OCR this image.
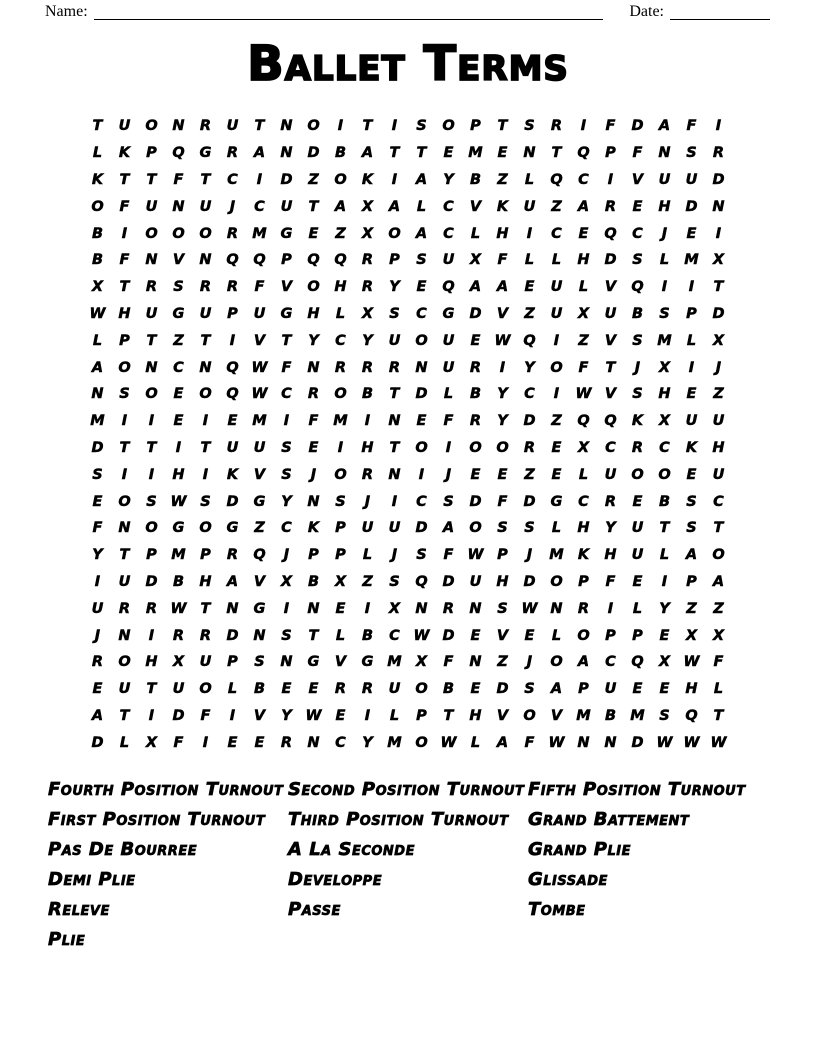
Name:	Date:
Ballet Terms
T	U	O	N	R	U	T	N	O	I	T	I	S	O	P	T	S	R	I	F	D	A	F	I
L	K	P	Q	G	R	A	N	D	B	A	T	T	E	M	E	N	T	Q	P	F	N	S	R
K	T	T	F	T	C	I	D	Z	O	K	I	A	Y	B	Z	L	Q	C	I	V	U	U	D
O	F	U	N	U	J	C	U	T	A	X	A	L	C	V	K	U	Z	A	R	E	H	D	N
B	I	O	O	O	R M G	E	Z	X	O	A	C	L	H	I	C	E	Q	C	J	E	I
B	F	N	V	N	Q	Q	P	Q	Q	R	P	S	U	X	F	L	L	H	D	S	L	M X
X	T	R	S	R	R	F	V	O	H	R	Y	E	Q	A	A	E	U	L	V	Q	I	I	T
W H	U	G	U	P	U	G	H	L	X	S	C	G	D	V	Z	U	X	U	B	S	P	D
L	P	T	Z	T	I	V	T	Y	C	Y	U	O	U	E W Q	I	Z	V	S	M	L	X
A	O	N	C	N	Q W F	N	R	R	R	N	U	R	I	Y	O	F	T	J	X	I	J
N	S	O	E	O	Q W C	R	O	B	T	D	L	B	Y	C	I	W V	S	H	E	Z
M	I	I	E	I	E	M	I	F	M	I	N	E	F	R	Y	D	Z	Q	Q	K	X	U	U
D	T	T	I	T	U	U	S	E	I	H	T	O	I	O	O	R	E	X	C	R	C	K	H
S	I	I	H	I	K	V	S	J	O	R	N	I	J	E	E	Z	E	L	U	O	O	E	U
E	O	S W S	D	G	Y	N	S	J	I	C	S	D	F	D	G	C	R	E	B	S	C
F	N	O	G	O	G	Z	C	K	P	U	U	D	A	O	S	S	L	H	Y	U	T	S	T
Y	T	P M P	R	Q	J	P	P	L	J	S	F W P	J	M K	H	U	L	A	O
I	U	D	B	H	A	V	X	B	X	Z	S	Q	D	U	H	D	O	P	F	E	I	P	A
U	R	R W T	N	G	I	N	E	I	X	N	R	N	S W N	R	I	L	Y	Z	Z
J	N	I	R	R	D	N	S	T	L	B	C W D	E	V	E	L	O	P	P	E	X	X
R	O	H	X	U	P	S	N	G	V	G M X	F	N	Z	J	O	A	C	Q	X W F
E	U	T	U	O	L	B	E	E	R	R	U	O	B	E	D	S	A	P	U	E	E	H	L
A	T	I	D	F	I	V	Y W E	I	L	P	T	H	V	O	V M B M	S	Q	T
D	L	X	F	I	E	E	R	N	C	Y	M O W L	A	F W N	N	D W W W
Fourth Position Turnout
First Position Turnout
Pas De Bourree
Demi Plie
Releve
Plie
Second Position Turnout
Third Position Turnout
A La Seconde
Developpe
Passe
Fifth Position Turnout
Grand Battement
Grand Plie
Glissade
Tombe
